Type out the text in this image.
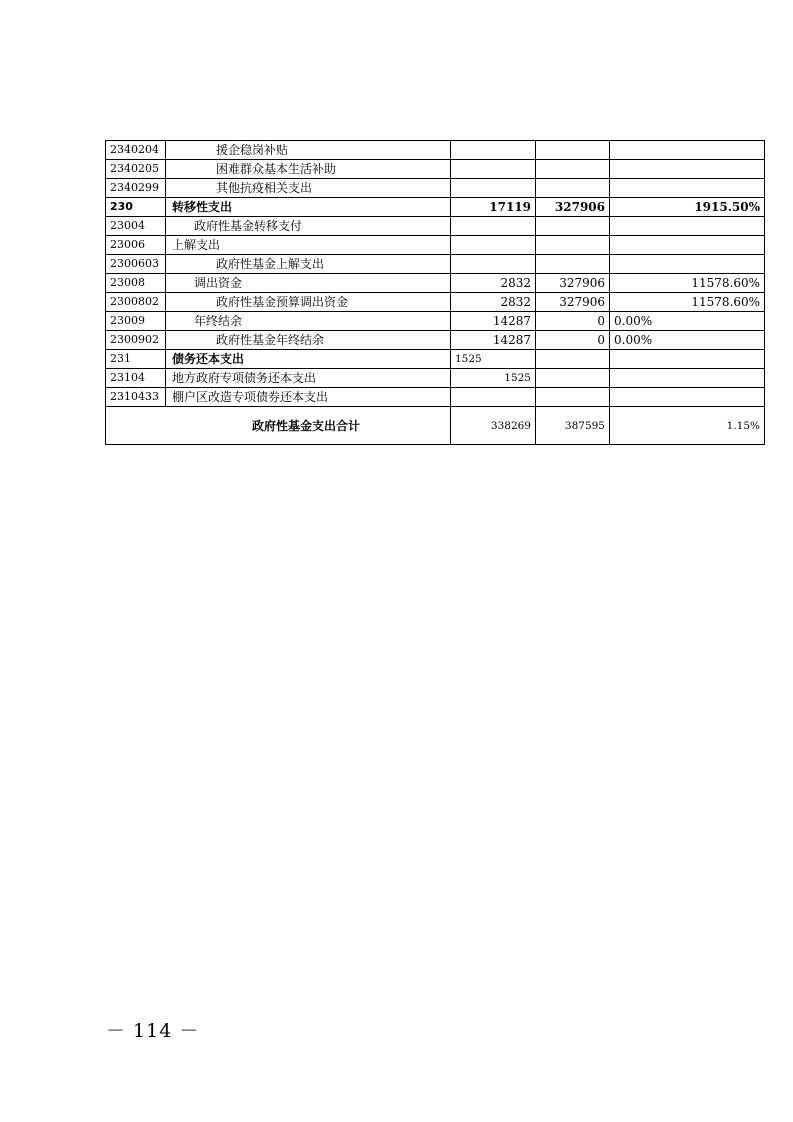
2340204	援企稳岗补贴			
2340205	困难群众基本生活补助			
2340299	其他抗疫相关支出			
230	转移性支出	17119	327906	1915.50%
23004	政府性基金转移支付			
23006	上解支出			
2300603	政府性基金上解支出			
23008	调出资金	2832	327906	11578.60%
2300802	政府性基金预算调出资金	2832	327906	11578.60%
23009	年终结余	14287	0	0.00%
2300902	政府性基金年终结余	14287	0	0.00%
231	债务还本支出	1525		
23104	地方政府专项债务还本支出	1525		
2310433	棚户区改造专项债券还本支出			
政府性基金支出合计		338269	387595	1.15%
－ 114 －
